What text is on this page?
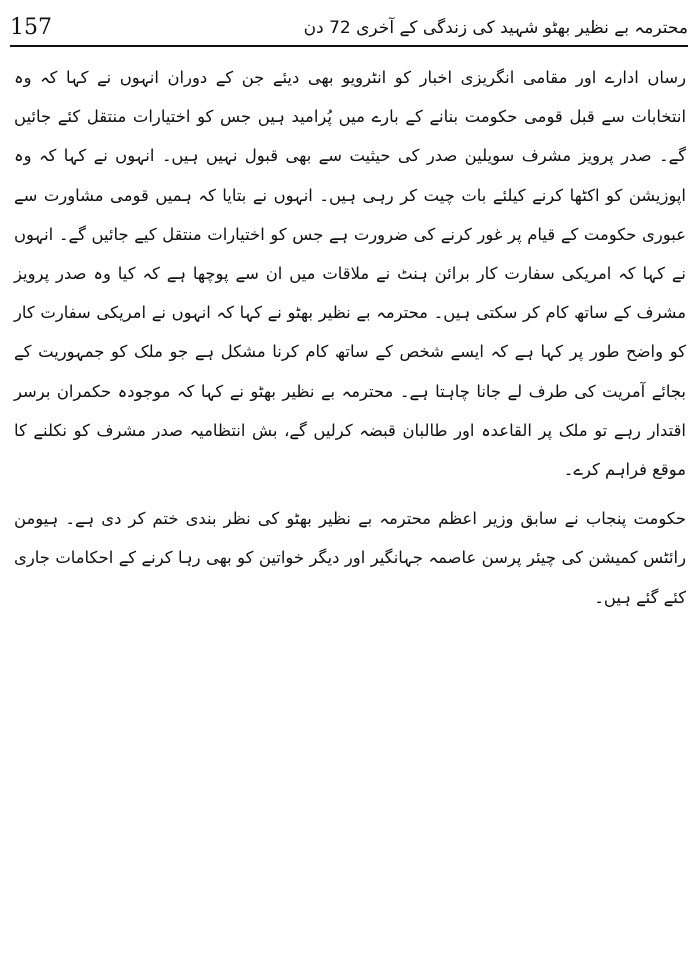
157	محترمہ بے نظیر بھٹو شہید کی زندگی کے آخری 72 دن

رساں ادارے اور مقامی انگریزی اخبار کو انٹرویو بھی دیئے جن کے دوران انہوں نے کہا کہ وہ انتخابات سے قبل قومی حکومت بنانے کے بارے میں پُرامید ہیں جس کو اختیارات منتقل کئے جائیں گے۔ صدر پرویز مشرف سویلین صدر کی حیثیت سے بھی قبول نہیں ہیں۔ انہوں نے کہا کہ وہ اپوزیشن کو اکٹھا کرنے کیلئے بات چیت کر رہی ہیں۔ انہوں نے بتایا کہ ہمیں قومی مشاورت سے عبوری حکومت کے قیام پر غور کرنے کی ضرورت ہے جس کو اختیارات منتقل کیے جائیں گے۔ انہوں نے کہا کہ امریکی سفارت کار برائن ہنٹ نے ملاقات میں ان سے پوچھا ہے کہ کیا وہ صدر پرویز مشرف کے ساتھ کام کر سکتی ہیں۔ محترمہ بے نظیر بھٹو نے کہا کہ انہوں نے امریکی سفارت کار کو واضح طور پر کہا ہے کہ ایسے شخص کے ساتھ کام کرنا مشکل ہے جو ملک کو جمہوریت کے بجائے آمریت کی طرف لے جانا چاہتا ہے۔ محترمہ بے نظیر بھٹو نے کہا کہ موجودہ حکمران برسر اقتدار رہے تو ملک پر القاعدہ اور طالبان قبضہ کرلیں گے، بش انتظامیہ صدر مشرف کو نکلنے کا موقع فراہم کرے۔

حکومت پنجاب نے سابق وزیر اعظم محترمہ بے نظیر بھٹو کی نظر بندی ختم کر دی ہے۔ ہیومن رائٹس کمیشن کی چیئر پرسن عاصمہ جہانگیر اور دیگر خواتین کو بھی رہا کرنے کے احکامات جاری کئے گئے ہیں۔
